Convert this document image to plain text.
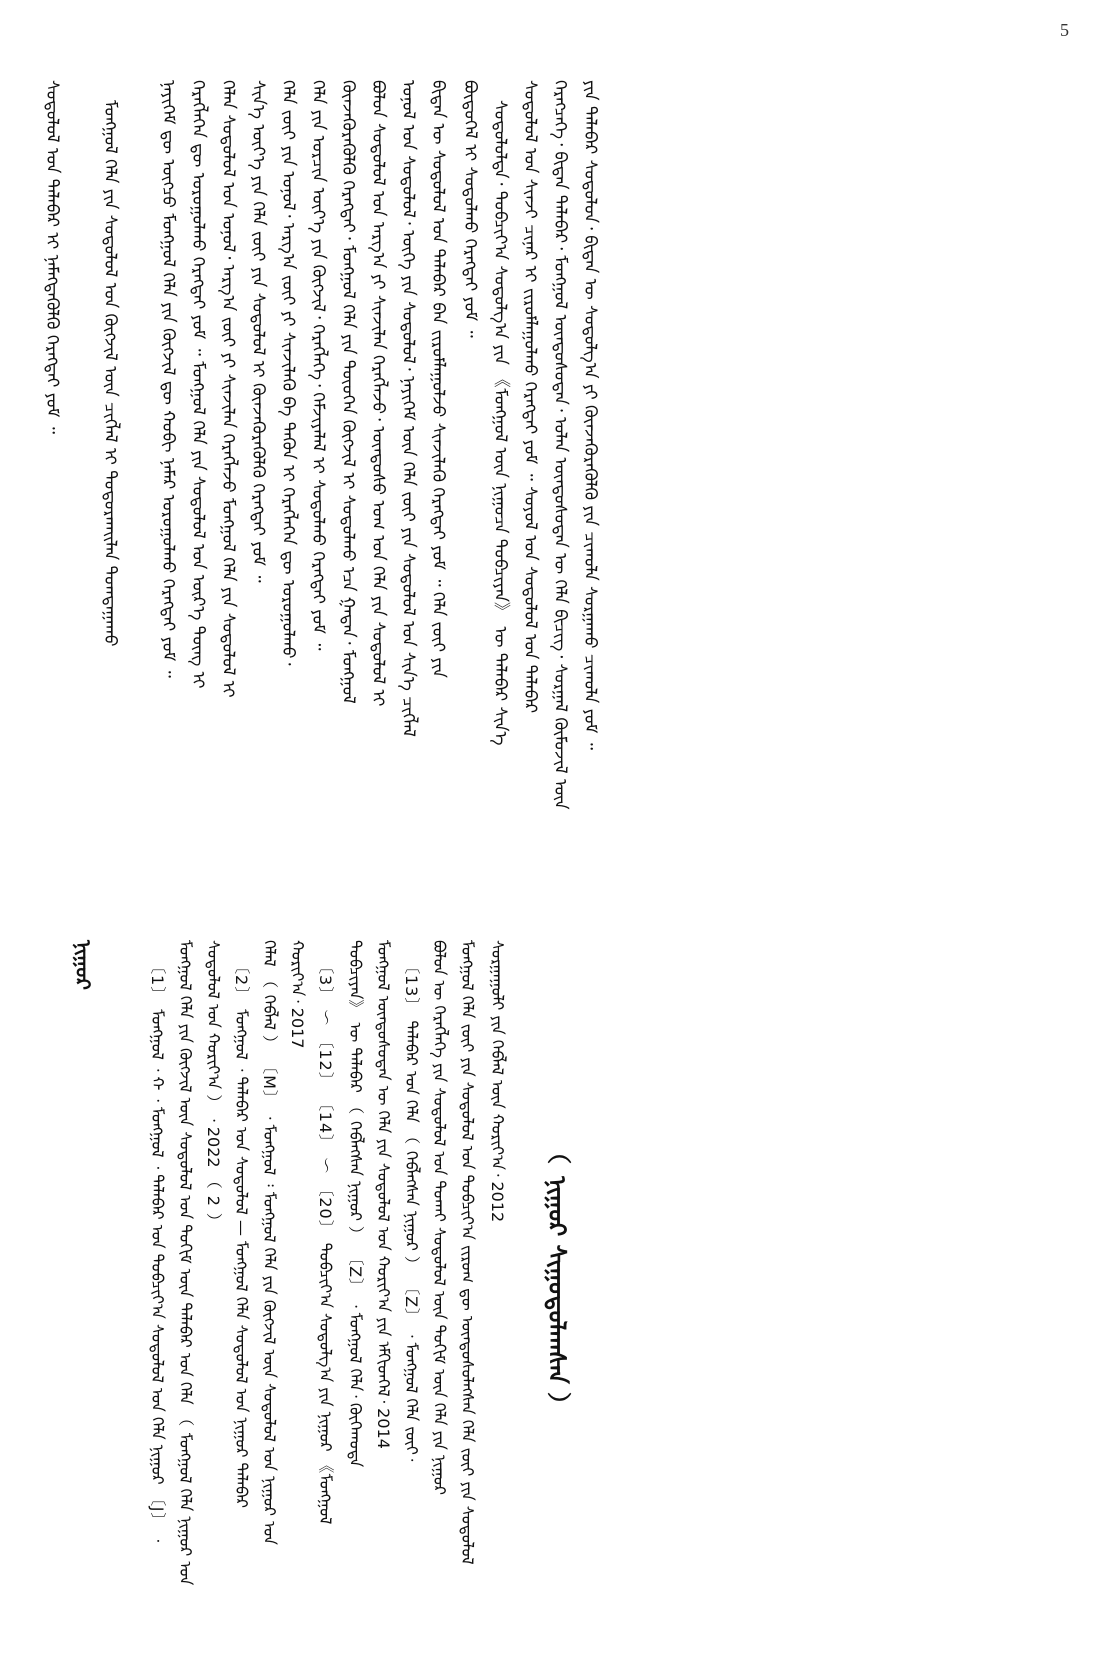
5
ᠶᠢᠨ ᠲᠠᠯᠠᠪᠠᠷ ᠰᠤᠳᠤᠯᠤᠨ᠂ ᠪᠢᠳᠡᠨ ᠦ ᠰᠤᠳᠤᠯᠭ᠎ᠠ ᠶᠢ ᠭᠦᠨᠵᠡᠭᠦᠷᠡᠭᠦᠯᠬᠦ ᠶᠢᠨ ᠴᠢᠬᠤᠯᠠ ᠰᠤᠷᠭᠠᠬᠤ ᠴᠢᠬᠤᠯᠠ ᠶᠤᠮ ᠃
ᠬᠡᠷᠡᠭᠴᠡᠭᠡ᠂ ᠪᠢᠳᠡᠨ ᠲᠠᠯᠠᠪᠠᠷ᠂ ᠮᠣᠩᠭᠣᠯ ᠦᠨᠳᠦᠰᠦᠲᠡᠨ᠂ ᠣᠯᠠᠨ ᠦᠨᠳᠦᠰᠦᠲᠡᠨ ᠦ ᠬᠡᠯᠡ ᠪᠢᠴᠢᠭ᠂ ᠰᠤᠷᠭᠠᠯ ᠬᠦᠮᠦᠵᠢᠯ ᠦᠨ
ᠰᠤᠳᠤᠯᠤᠯ ᠤᠨ ᠰᠢᠨᠵᠢ ᠴᠢᠨᠠᠷ ᠢ ᠵᠢᠷᠤᠮᠯᠠᠭᠤᠯᠬᠤ ᠬᠡᠷᠡᠭᠲᠡᠢ ᠶᠤᠮ ᠃ ᠰᠣᠶᠤᠯ ᠤᠨ ᠰᠤᠳᠤᠯᠤᠯ ᠤᠨ ᠲᠠᠯᠠᠪᠠᠷ
ᠰᠤᠳᠤᠯᠤᠯᠲᠠ᠂ ᠲᠣᠪᠴᠢᠶ᠎ᠠ ᠰᠤᠳᠤᠯᠭ᠎ᠠ ᠶᠢᠨ 《ᠮᠣᠩᠭᠣᠯ ᠦᠨ ᠨᠢᠭᠤᠴᠠ ᠲᠣᠪᠴᠢᠶᠠᠨ》 ᠦ ᠲᠠᠯᠠᠪᠠᠷ ᠰᠢᠨ᠎ᠡ
ᠪᠦᠲᠦᠭᠡᠯ ᠢ ᠰᠤᠳᠤᠯᠬᠤ ᠬᠡᠷᠡᠭᠲᠡᠢ ᠶᠤᠮ ᠃
ᠪᠢᠳᠡᠨ ᠦ ᠰᠤᠳᠤᠯᠤᠯ ᠤᠨ ᠲᠠᠯᠠᠪᠠᠷ ᠪᠠᠨ ᠵᠢᠷᠤᠮᠯᠠᠭᠤᠯᠵᠤ ᠰᠢᠨᠵᠢᠯᠡᠬᠦ ᠬᠡᠷᠡᠭᠲᠡᠢ ᠶᠤᠮ ᠃ ᠬᠡᠯᠡ ᠵᠦᠢ ᠶᠢᠨ
ᠣᠨᠣᠯ ᠤᠨ ᠰᠤᠳᠤᠯᠤᠯ᠂ ᠦᠭᠡ ᠶᠢᠨ ᠰᠤᠳᠤᠯᠤᠯ᠂ ᠨᠡᠶᠢᠭᠡᠮ ᠦᠨ ᠬᠡᠯᠡ ᠵᠦᠢ ᠶᠢᠨ ᠰᠤᠳᠤᠯᠤᠯ ᠤᠨ ᠰᠢᠨ᠎ᠡ ᠴᠢᠭᠯᠡᠯ
ᠪᠣᠯᠤᠨ ᠰᠤᠳᠤᠯᠤᠯ ᠤᠨ ᠠᠷᠭ᠎ᠠ ᠶᠢ ᠰᠢᠨᠵᠢᠯᠡᠨ ᠬᠡᠷᠡᠭᠯᠡᠵᠦ᠂ ᠦᠨᠳᠦᠰᠦ ᠤᠭ ᠤᠨ ᠬᠡᠯᠡ ᠶᠢᠨ ᠰᠤᠳᠤᠯᠤᠯ ᠢ
ᠭᠦᠨᠵᠡᠭᠦᠷᠡᠭᠦᠯᠬᠦ ᠬᠡᠷᠡᠭᠲᠡᠢ᠂ ᠮᠣᠩᠭᠣᠯ ᠬᠡᠯᠡ ᠶᠢᠨ ᠲᠦᠦᠬᠡᠨ ᠬᠥᠭᠵᠢᠯ ᠢ ᠰᠤᠳᠤᠯᠬᠤ ᠡᠴᠡ ᠭᠠᠳᠠᠨ᠂ ᠮᠣᠩᠭᠣᠯ
ᠬᠡᠯᠡ ᠶᠢᠨ ᠣᠷᠴᠢᠨ ᠦᠶ᠎ᠡ ᠶᠢᠨ ᠬᠥᠭᠵᠢᠯ᠂ ᠬᠡᠷᠡᠭᠯᠡᠭᠡ᠂ ᠬᠡᠮᠵᠢᠶᠡᠯᠡᠯ ᠢ ᠰᠤᠳᠤᠯᠬᠤ ᠬᠡᠷᠡᠭᠲᠡᠢ ᠶᠤᠮ ᠃
ᠬᠡᠯᠡ ᠵᠦᠢ ᠶᠢᠨ ᠣᠨᠣᠯ᠂ ᠠᠷᠭ᠎ᠠ ᠵᠦᠢ ᠶᠢ ᠰᠢᠨᠵᠢᠯᠡᠬᠦ ᠪᠠ ᠲᠡᠭᠦᠨ ᠢ ᠬᠡᠷᠡᠭᠯᠡᠭᠡᠨ ᠳᠦ ᠣᠷᠤᠭᠤᠯᠬᠤ᠂
ᠰᠢᠨ᠎ᠡ ᠦᠶ᠎ᠡ ᠶᠢᠨ ᠬᠡᠯᠡ ᠵᠦᠢ ᠶᠢᠨ ᠰᠤᠳᠤᠯᠤᠯ ᠢ ᠭᠦᠨᠵᠡᠭᠦᠷᠡᠭᠦᠯᠬᠦ ᠬᠡᠷᠡᠭᠲᠡᠢ ᠶᠤᠮ ᠃
ᠬᠡᠯᠡᠨ ᠰᠤᠳᠤᠯᠤᠯ ᠤᠨ ᠣᠨᠣᠯ᠂ ᠠᠷᠭ᠎ᠠ ᠵᠦᠢ ᠶᠢ ᠰᠢᠨᠵᠢᠯᠡᠨ ᠬᠡᠷᠡᠭᠯᠡᠵᠦ ᠮᠣᠩᠭᠣᠯ ᠬᠡᠯᠡ ᠶᠢᠨ ᠰᠤᠳᠤᠯᠤᠯ ᠢ
ᠬᠡᠷᠡᠭᠯᠡᠭᠡᠨ ᠳᠦ ᠣᠷᠤᠭᠤᠯᠬᠤ ᠬᠡᠷᠡᠭᠲᠡᠢ ᠶᠤᠮ ᠃ ᠮᠣᠩᠭᠣᠯ ᠬᠡᠯᠡ ᠶᠢᠨ ᠰᠤᠳᠤᠯᠤᠯ ᠤᠨ ᠦᠷ᠎ᠡ ᠳᠦᠩ ᠢ
ᠨᠡᠶᠢᠭᠡᠮ ᠳᠦ ᠦᠭᠴᠦ ᠮᠣᠩᠭᠣᠯ ᠬᠡᠯᠡ ᠶᠢᠨ ᠬᠥᠭᠵᠢᠯ ᠳᠦ ᠬᠤᠪᠢ ᠨᠡᠮᠡᠷ ᠣᠷᠤᠭᠤᠯᠬᠤ ᠬᠡᠷᠡᠭᠲᠡᠢ ᠶᠤᠮ ᠃
ᠮᠣᠩᠭᠣᠯ ᠬᠡᠯᠡ ᠶᠢᠨ ᠰᠤᠳᠤᠯᠤᠯ ᠤᠨ ᠬᠥᠭᠵᠢᠯ ᠦᠨ ᠴᠢᠭᠯᠡᠯ ᠢ ᠲᠣᠳᠤᠷᠬᠠᠢᠯᠠᠨ ᠲᠣᠭᠲᠠᠭᠠᠬᠤ
ᠰᠤᠳᠤᠯᠤᠯ ᠤᠨ ᠲᠠᠯᠠᠪᠠᠷ ᠢ ᠨᠡᠮᠡᠭᠳᠡᠭᠦᠯᠬᠦ ᠬᠡᠷᠡᠭᠲᠡᠢ ᠶᠤᠮ ᠃
（ ᠨᠢᠭᠤᠷ ᠰᠢᠭᠤᠳᠤᠯᠠᠭᠰᠠᠨ ）
ᠰᠤᠷᠭᠠᠭᠤᠯᠢ ᠶᠢᠨ ᠬᠡᠪᠯᠡᠯ ᠦᠨ ᠬᠣᠷᠢᠶ᠎ᠠ᠂ 2012
ᠮᠣᠩᠭᠣᠯ ᠬᠡᠯᠡ ᠵᠦᠢ ᠶᠢᠨ ᠰᠤᠳᠤᠯᠤᠯ ᠤᠨ ᠲᠣᠪᠴᠢᠶ᠎ᠠ ᠵᠢᠷᠤᠭ ᠳᠦ ᠦᠨᠳᠦᠰᠦᠯᠡᠭᠰᠡᠨ ᠬᠡᠯᠡ ᠵᠦᠢ ᠶᠢᠨ ᠰᠤᠳᠤᠯᠤᠯ
ᠪᠣᠯᠤᠨ ᠦ ᠬᠡᠷᠡᠭᠯᠡᠭᠡ ᠶᠢᠨ ᠰᠤᠳᠤᠯᠤᠯ ᠤᠨ ᠲᠣᠬᠠᠢ ᠰᠤᠳᠤᠯᠤᠯ ᠦᠨ ᠲᠣᠭᠢᠮ ᠦᠨ ᠬᠡᠯᠡ ᠶᠢᠨ ᠨᠢᠭᠤᠷ
〔13〕 ᠲᠠᠯᠠᠪᠠᠷ ᠤᠨ ᠬᠡᠯᠡ （ ᠬᠡᠪᠯᠡᠭᠰᠡᠨ ᠨᠢᠭᠤᠷ ） 〔Z〕 ᠂ ᠮᠣᠩᠭᠣᠯ ᠬᠡᠯᠡ ᠵᠦᠢ᠂
ᠮᠣᠩᠭᠣᠯ ᠦᠨᠳᠦᠰᠦᠲᠡᠨ ᠦ ᠬᠡᠯᠡ ᠶᠢᠨ ᠰᠤᠳᠤᠯᠤᠯ ᠤᠨ ᠬᠣᠷᠢᠶ᠎ᠠ ᠶᠢᠨ ᠡᠮᠬᠢᠳᠬᠡᠯ᠂ 2014
ᠲᠣᠪᠴᠢᠶᠠᠨ》 ᠦ ᠲᠠᠯᠠᠪᠠᠷ （ ᠬᠡᠪᠯᠡᠭᠰᠡᠨ ᠨᠢᠭᠤᠷ ） 〔Z〕 ᠂ ᠮᠣᠩᠭᠣᠯ ᠬᠡᠯᠡ᠂ ᠬᠥᠬᠡᠬᠣᠲᠠ
〔3〕 ～ 〔12〕 〔14〕 ～ 〔20〕 ᠲᠣᠪᠴᠢᠶ᠎ᠠ ᠰᠤᠳᠤᠯᠭ᠎ᠠ ᠶᠢᠨ ᠨᠢᠭᠤᠷ 《ᠮᠣᠩᠭᠣᠯ
ᠬᠣᠷᠢᠶ᠎ᠠ᠂ 2017
ᠬᠡᠯᠡᠯ （ ᠬᠡᠪᠯᠡᠯ ） 〔M〕 ᠂ ᠮᠣᠩᠭᠣᠯ ᠄ ᠮᠣᠩᠭᠣᠯ ᠬᠡᠯᠡ ᠶᠢᠨ ᠬᠥᠭᠵᠢᠯ ᠦᠨ ᠰᠤᠳᠤᠯᠤᠯ ᠤᠨ ᠨᠢᠭᠤᠷ ᠤᠨ
〔2〕 ᠮᠣᠩᠭᠣᠯ ᠂ ᠲᠠᠯᠠᠪᠠᠷ ᠤᠨ ᠰᠤᠳᠤᠯᠤᠯ — ᠮᠣᠩᠭᠣᠯ ᠬᠡᠯᠡ ᠰᠤᠳᠤᠯᠤᠯ ᠤᠨ ᠨᠢᠭᠤᠷ ᠲᠠᠯᠠᠪᠠᠷ
ᠰᠤᠳᠤᠯᠤᠯ ᠤᠨ ᠬᠣᠷᠢᠶ᠎ᠠ ） ᠂ 2022 （ 2 ）
ᠮᠣᠩᠭᠣᠯ ᠬᠡᠯᠡ ᠶᠢᠨ ᠬᠥᠭᠵᠢᠯ ᠦᠨ ᠰᠤᠳᠤᠯᠤᠯ ᠤᠨ ᠲᠣᠭᠢᠮ ᠦᠨ ᠲᠠᠯᠠᠪᠠᠷ ᠤᠨ ᠬᠡᠯᠡ （ ᠮᠣᠩᠭᠣᠯ ᠬᠡᠯᠡ ᠨᠢᠭᠤᠷ ᠤᠨ
〔1〕 ᠮᠣᠩᠭᠣᠯ ᠂ ᠬ ᠂ ᠮᠣᠩᠭᠣᠯ ᠂ ᠲᠠᠯᠠᠪᠠᠷ ᠤᠨ ᠲᠣᠪᠴᠢᠶ᠎ᠠ ᠰᠤᠳᠤᠯᠤᠯ ᠤᠨ ᠬᠡᠯᠡ ᠨᠢᠭᠤᠷ 〔J〕 ᠂
ᠨᠢᠭᠤᠷ
